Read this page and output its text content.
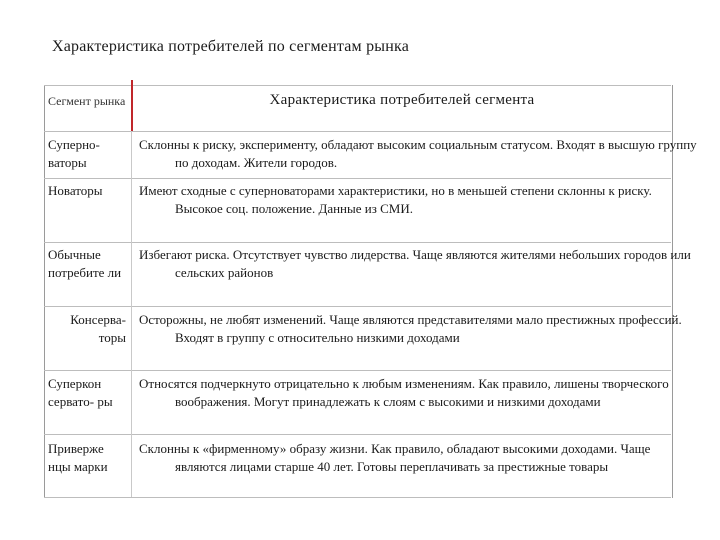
Характеристика потребителей по сегментам рынка
Сегмент рынка	Характеристика потребителей сегмента
Суперно-
ваторы

Склонны к риску, эксперименту, обладают высоким социальным статусом. Входят в высшую группу по доходам. Жители городов.

Новаторы	Имеют сходные с суперноваторами характеристики, но в меньшей степени склонны к риску. Высокое соц. положение. Данные из СМИ.

Обычные потребите ли

Избегают риска. Отсутствует чувство лидерства. Чаще являются жителями небольших городов или сельских районов

Консерва-
торы

Осторожны, не любят изменений. Чаще являются представителями мало престижных профессий. Входят в группу с относительно низкими доходами

Суперкон серватo- ры

Относятся подчеркнуто отрицательно к любым изменениям. Как правило, лишены творческого воображения. Могут принадлежать к слоям с высокими и низкими доходами

Приверже нцы марки

Склонны к «фирменному» образу жизни. Как правило, обладают высокими доходами. Чаще являются лицами старше 40 лет. Готовы переплачивать за престижные товары
